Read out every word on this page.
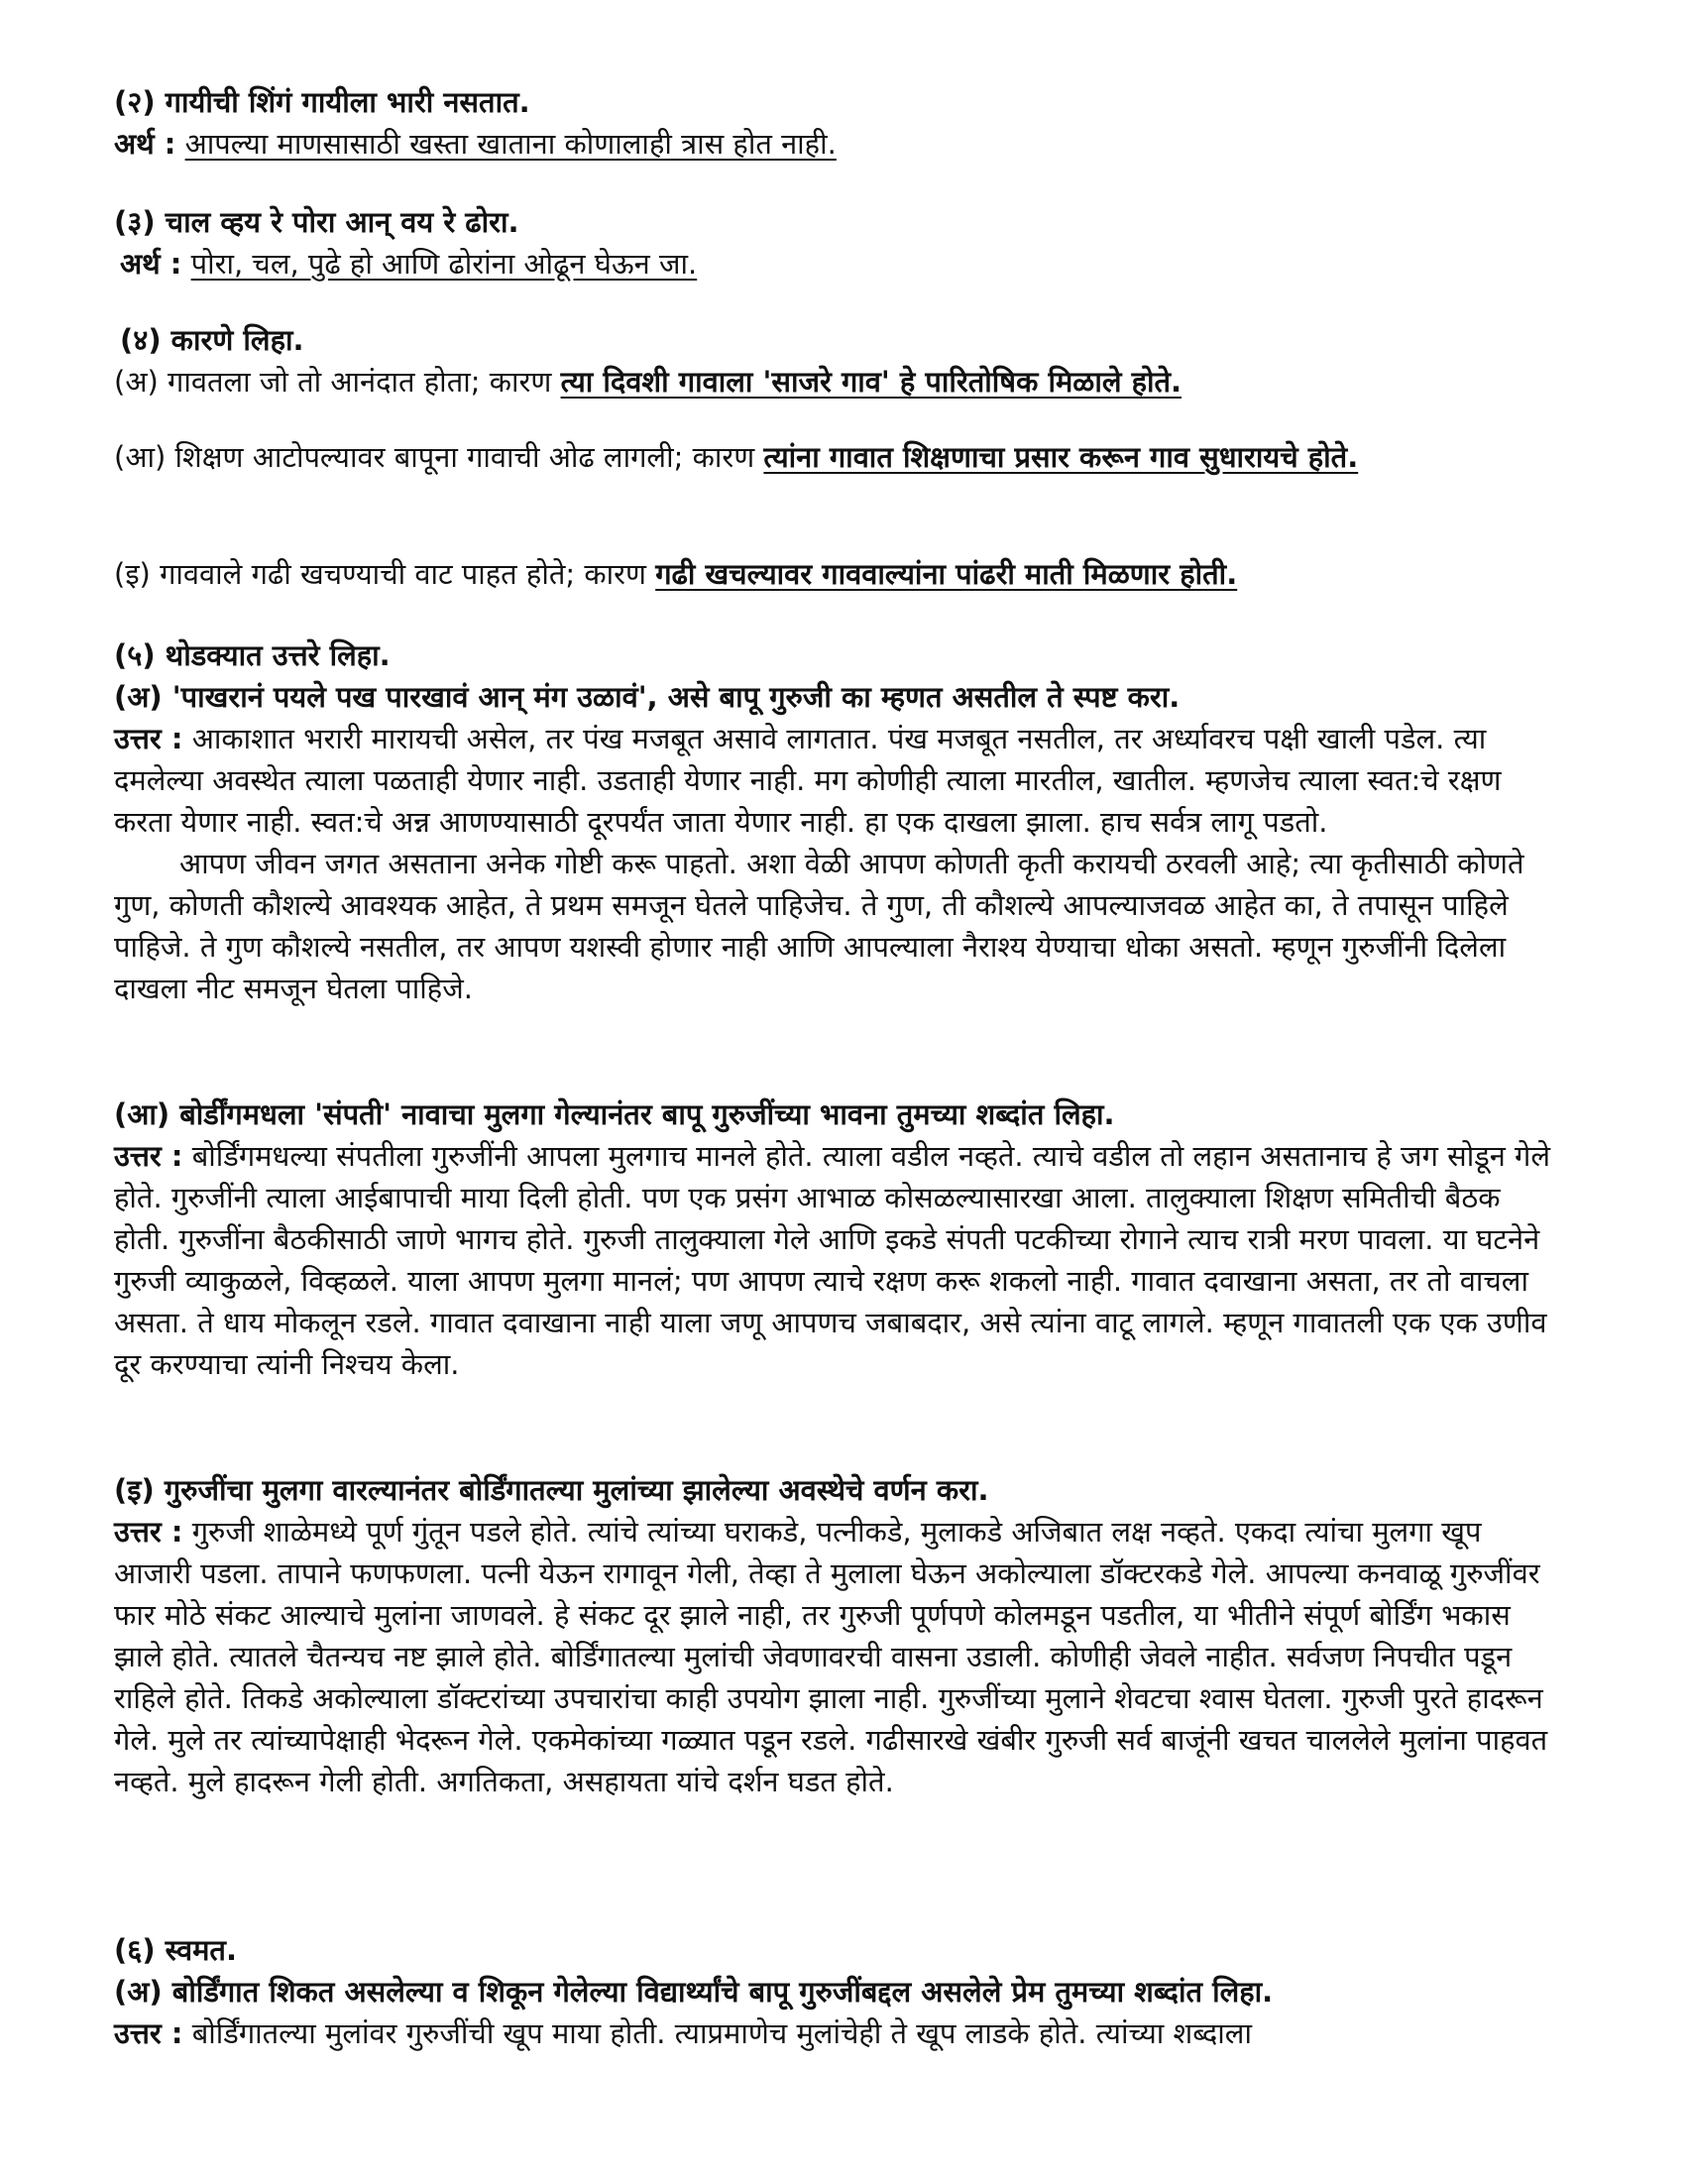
(२) गायीची शिंगं गायीला भारी नसतात.

अर्थ : आपल्या माणसासाठी खस्ता खाताना कोणालाही त्रास होत नाही.

(३) चाल व्हय रे पोरा आन् वय रे ढोरा.

अर्थ : पोरा, चल, पुढे हो आणि ढोरांना ओढून घेऊन जा.

(४) कारणे लिहा.

(अ) गावतला जो तो आनंदात होता; कारण त्या दिवशी गावाला 'साजरे गाव' हे पारितोषिक मिळाले होते.

(आ) शिक्षण आटोपल्यावर बापूना गावाची ओढ लागली; कारण त्यांना गावात शिक्षणाचा प्रसार करून गाव सुधारायचे होते.

(इ) गाववाले गढी खचण्याची वाट पाहत होते; कारण गढी खचल्यावर गाववाल्यांना पांढरी माती मिळणार होती.

(५) थोडक्यात उत्तरे लिहा.

(अ) 'पाखरानं पयले पख पारखावं आन् मंग उळावं', असे बापू गुरुजी का म्हणत असतील ते स्पष्ट करा.

उत्तर : आकाशात भरारी मारायची असेल, तर पंख मजबूत असावे लागतात. पंख मजबूत नसतील, तर अर्ध्यावरच पक्षी खाली पडेल. त्या दमलेल्या अवस्थेत त्याला पळताही येणार नाही. उडताही येणार नाही. मग कोणीही त्याला मारतील, खातील. म्हणजेच त्याला स्वत:चे रक्षण करता येणार नाही. स्वत:चे अन्न आणण्यासाठी दूरपर्यंत जाता येणार नाही. हा एक दाखला झाला. हाच सर्वत्र लागू पडतो.

आपण जीवन जगत असताना अनेक गोष्टी करू पाहतो. अशा वेळी आपण कोणती कृती करायची ठरवली आहे; त्या कृतीसाठी कोणते गुण, कोणती कौशल्ये आवश्यक आहेत, ते प्रथम समजून घेतले पाहिजेच. ते गुण, ती कौशल्ये आपल्याजवळ आहेत का, ते तपासून पाहिले पाहिजे. ते गुण कौशल्ये नसतील, तर आपण यशस्वी होणार नाही आणि आपल्याला नैराश्य येण्याचा धोका असतो. म्हणून गुरुजींनी दिलेला दाखला नीट समजून घेतला पाहिजे.

(आ) बोर्डींगमधला 'संपती' नावाचा मुलगा गेल्यानंतर बापू गुरुजींच्या भावना तुमच्या शब्दांत लिहा.

उत्तर : बोर्डिंगमधल्या संपतीला गुरुजींनी आपला मुलगाच मानले होते. त्याला वडील नव्हते. त्याचे वडील तो लहान असतानाच हे जग सोडून गेले होते. गुरुजींनी त्याला आईबापाची माया दिली होती. पण एक प्रसंग आभाळ कोसळल्यासारखा आला. तालुक्याला शिक्षण समितीची बैठक होती. गुरुजींना बैठकीसाठी जाणे भागच होते. गुरुजी तालुक्याला गेले आणि इकडे संपती पटकीच्या रोगाने त्याच रात्री मरण पावला. या घटनेने गुरुजी व्याकुळले, विव्हळले. याला आपण मुलगा मानलं; पण आपण त्याचे रक्षण करू शकलो नाही. गावात दवाखाना असता, तर तो वाचला असता. ते धाय मोकलून रडले. गावात दवाखाना नाही याला जणू आपणच जबाबदार, असे त्यांना वाटू लागले. म्हणून गावातली एक एक उणीव दूर करण्याचा त्यांनी निश्चय केला.

(इ) गुरुजींचा मुलगा वारल्यानंतर बोर्डिंगातल्या मुलांच्या झालेल्या अवस्थेचे वर्णन करा.

उत्तर : गुरुजी शाळेमध्ये पूर्ण गुंतून पडले होते. त्यांचे त्यांच्या घराकडे, पत्नीकडे, मुलाकडे अजिबात लक्ष नव्हते. एकदा त्यांचा मुलगा खूप आजारी पडला. तापाने फणफणला. पत्नी येऊन रागावून गेली, तेव्हा ते मुलाला घेऊन अकोल्याला डॉक्टरकडे गेले. आपल्या कनवाळू गुरुजींवर फार मोठे संकट आल्याचे मुलांना जाणवले. हे संकट दूर झाले नाही, तर गुरुजी पूर्णपणे कोलमडून पडतील, या भीतीने संपूर्ण बोर्डिंग भकास झाले होते. त्यातले चैतन्यच नष्ट झाले होते. बोर्डिंगातल्या मुलांची जेवणावरची वासना उडाली. कोणीही जेवले नाहीत. सर्वजण निपचीत पडून राहिले होते. तिकडे अकोल्याला डॉक्टरांच्या उपचारांचा काही उपयोग झाला नाही. गुरुजींच्या मुलाने शेवटचा श्वास घेतला. गुरुजी पुरते हादरून गेले. मुले तर त्यांच्यापेक्षाही भेदरून गेले. एकमेकांच्या गळ्यात पडून रडले. गढीसारखे खंबीर गुरुजी सर्व बाजूंनी खचत चाललेले मुलांना पाहवत नव्हते. मुले हादरून गेली होती. अगतिकता, असहायता यांचे दर्शन घडत होते.

(६) स्वमत.

(अ) बोर्डिंगात शिकत असलेल्या व शिकून गेलेल्या विद्यार्थ्यांचे बापू गुरुजींबद्दल असलेले प्रेम तुमच्या शब्दांत लिहा.

उत्तर : बोर्डिंगातल्या मुलांवर गुरुजींची खूप माया होती. त्याप्रमाणेच मुलांचेही ते खूप लाडके होते. त्यांच्या शब्दाला
